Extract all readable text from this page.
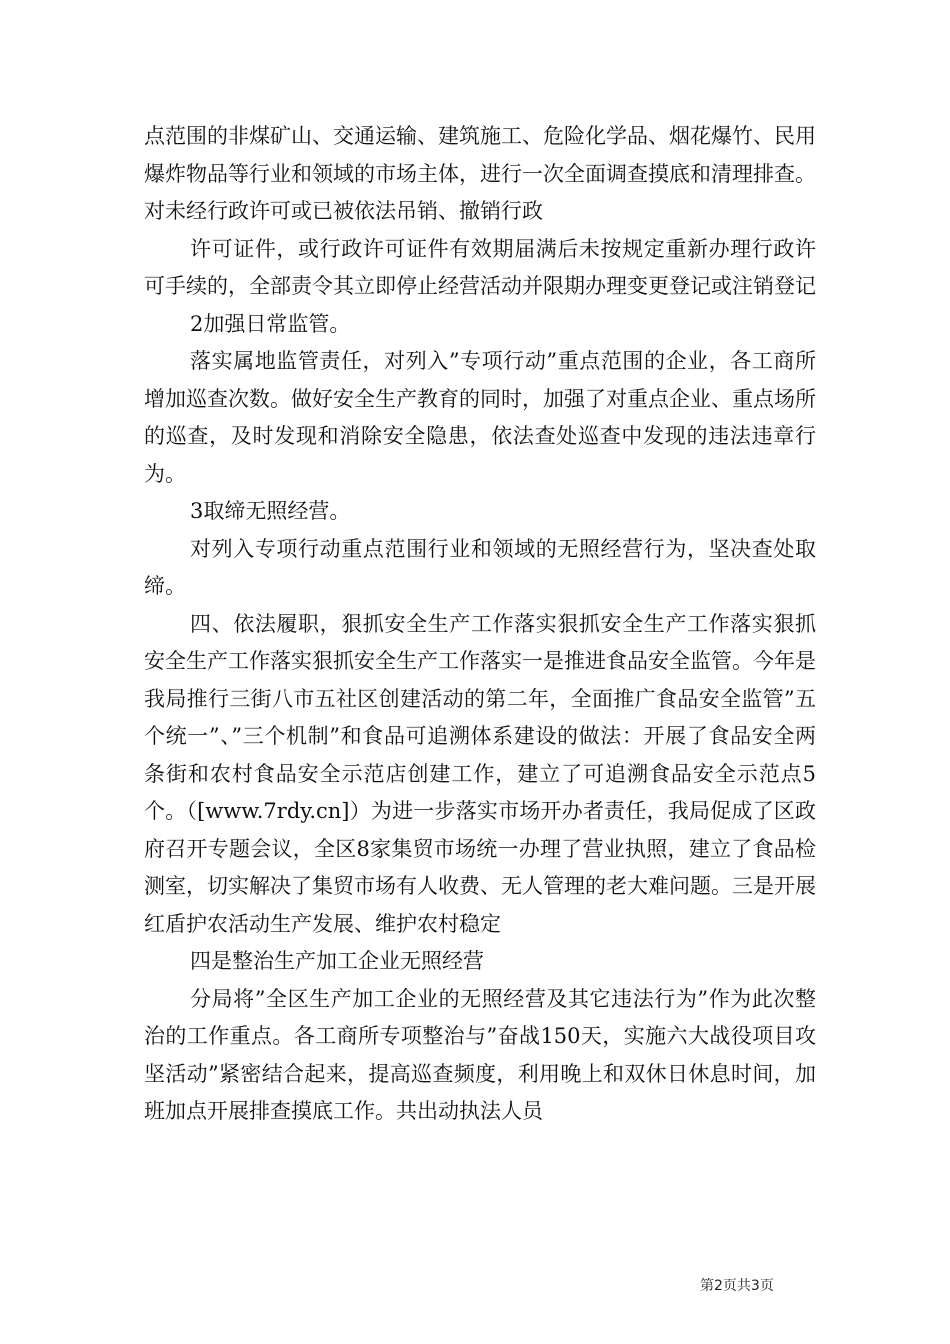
点范围的非煤矿山、交通运输、建筑施工、危险化学品、烟花爆竹、民用爆炸物品等行业和领域的市场主体，进行一次全面调查摸底和清理排查。对未经行政许可或已被依法吊销、撤销行政

许可证件，或行政许可证件有效期届满后未按规定重新办理行政许可手续的，全部责令其立即停止经营活动并限期办理变更登记或注销登记

2加强日常监管。

落实属地监管责任，对列入”专项行动”重点范围的企业，各工商所增加巡查次数。做好安全生产教育的同时，加强了对重点企业、重点场所的巡查，及时发现和消除安全隐患，依法查处巡查中发现的违法违章行为。

3取缔无照经营。

对列入专项行动重点范围行业和领域的无照经营行为，坚决查处取缔。

四、依法履职，狠抓安全生产工作落实狠抓安全生产工作落实狠抓安全生产工作落实狠抓安全生产工作落实一是推进食品安全监管。今年是我局推行三街八市五社区创建活动的第二年，全面推广食品安全监管”五个统一”、”三个机制”和食品可追溯体系建设的做法：开展了食品安全两条街和农村食品安全示范店创建工作，建立了可追溯食品安全示范点5个。（[www.7rdy.cn]）为进一步落实市场开办者责任，我局促成了区政府召开专题会议，全区8家集贸市场统一办理了营业执照，建立了食品检测室，切实解决了集贸市场有人收费、无人管理的老大难问题。三是开展红盾护农活动生产发展、维护农村稳定

四是整治生产加工企业无照经营

分局将”全区生产加工企业的无照经营及其它违法行为”作为此次整治的工作重点。各工商所专项整治与”奋战150天，实施六大战役项目攻坚活动”紧密结合起来，提高巡查频度，利用晚上和双休日休息时间，加班加点开展排查摸底工作。共出动执法人员

第2页共3页
